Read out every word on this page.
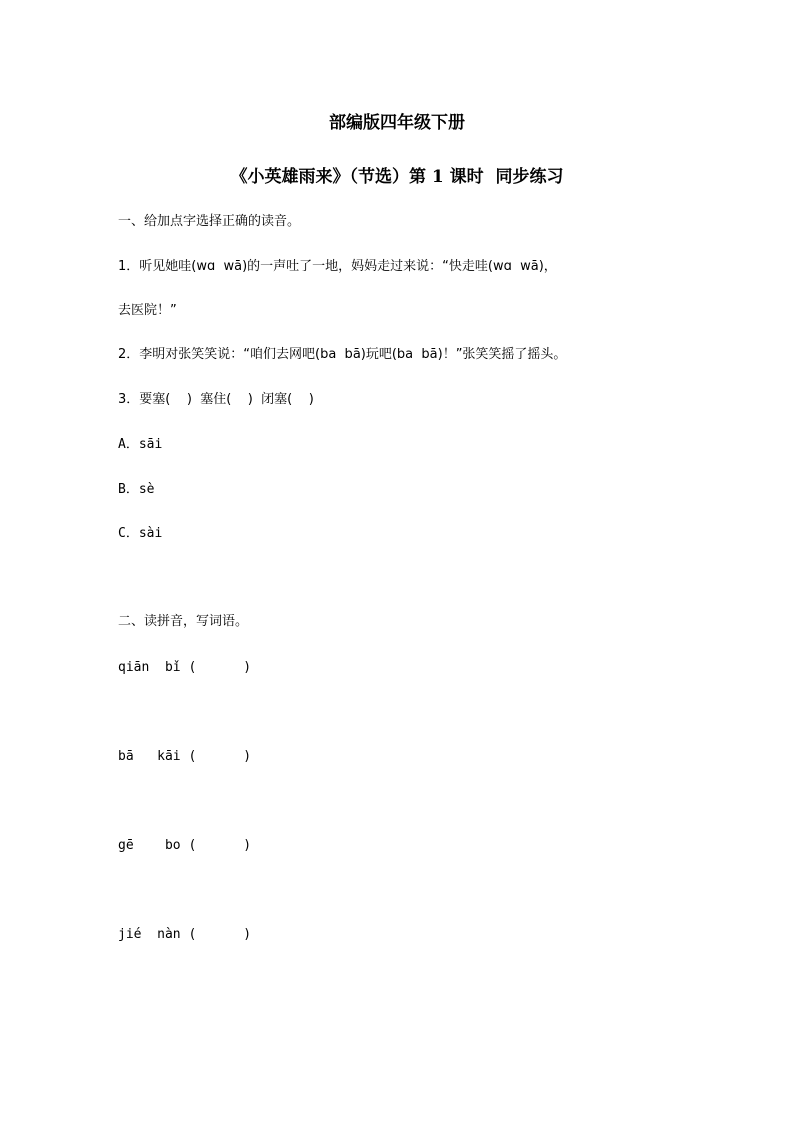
部编版四年级下册
《小英雄雨来》（节选）第 1 课时  同步练习
一、给加点字选择正确的读音。
1．听见她哇(wɑ  wā)的一声吐了一地，妈妈走过来说：“快走哇(wɑ  wā)，
去医院！”
2．李明对张笑笑说：“咱们去网吧(ba  bā)玩吧(ba  bā)！”张笑笑摇了摇头。
3．要塞(    )  塞住(    )  闭塞(    )
A．sāi
B．sè
C．sài
二、读拼音，写词语。
qiān  bǐ (      )
bā   kāi (      )
gē    bo (      )
jié  nàn (      )
